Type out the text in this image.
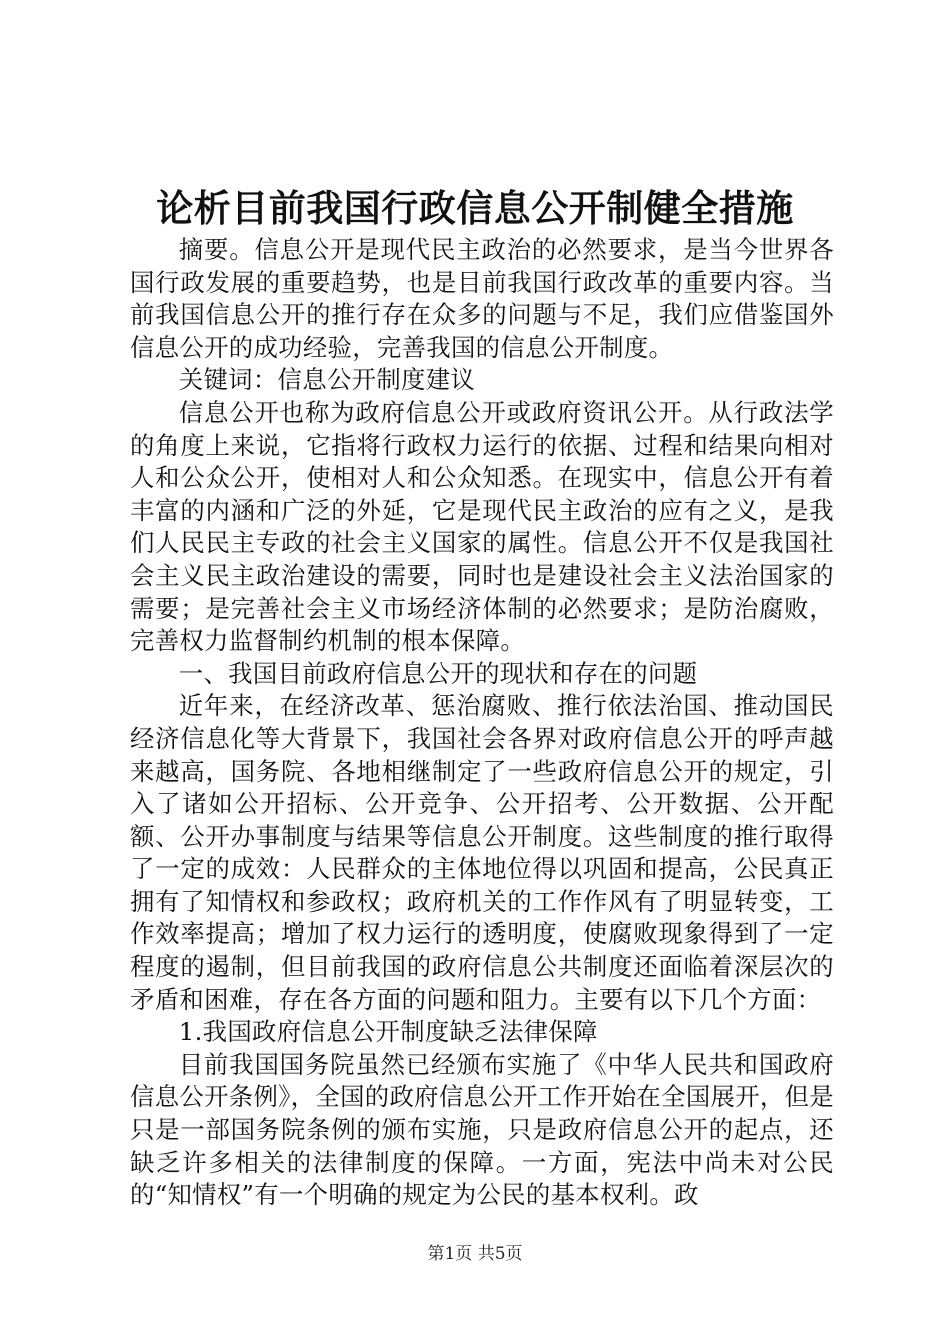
论析目前我国行政信息公开制健全措施

摘要。信息公开是现代民主政治的必然要求，是当今世界各国行政发展的重要趋势，也是目前我国行政改革的重要内容。当前我国信息公开的推行存在众多的问题与不足，我们应借鉴国外信息公开的成功经验，完善我国的信息公开制度。

关键词：信息公开制度建议

信息公开也称为政府信息公开或政府资讯公开。从行政法学的角度上来说，它指将行政权力运行的依据、过程和结果向相对人和公众公开，使相对人和公众知悉。在现实中，信息公开有着丰富的内涵和广泛的外延，它是现代民主政治的应有之义，是我们人民民主专政的社会主义国家的属性。信息公开不仅是我国社会主义民主政治建设的需要，同时也是建设社会主义法治国家的需要；是完善社会主义市场经济体制的必然要求；是防治腐败，完善权力监督制约机制的根本保障。

一、我国目前政府信息公开的现状和存在的问题

近年来，在经济改革、惩治腐败、推行依法治国、推动国民经济信息化等大背景下，我国社会各界对政府信息公开的呼声越来越高，国务院、各地相继制定了一些政府信息公开的规定，引入了诸如公开招标、公开竞争、公开招考、公开数据、公开配额、公开办事制度与结果等信息公开制度。这些制度的推行取得了一定的成效：人民群众的主体地位得以巩固和提高，公民真正拥有了知情权和参政权；政府机关的工作作风有了明显转变，工作效率提高；增加了权力运行的透明度，使腐败现象得到了一定程度的遏制，但目前我国的政府信息公共制度还面临着深层次的矛盾和困难，存在各方面的问题和阻力。主要有以下几个方面：

1.我国政府信息公开制度缺乏法律保障

目前我国国务院虽然已经颁布实施了《中华人民共和国政府信息公开条例》，全国的政府信息公开工作开始在全国展开，但是只是一部国务院条例的颁布实施，只是政府信息公开的起点，还缺乏许多相关的法律制度的保障。一方面，宪法中尚未对公民的“知情权”有一个明确的规定为公民的基本权利。政

第1页 共5页
